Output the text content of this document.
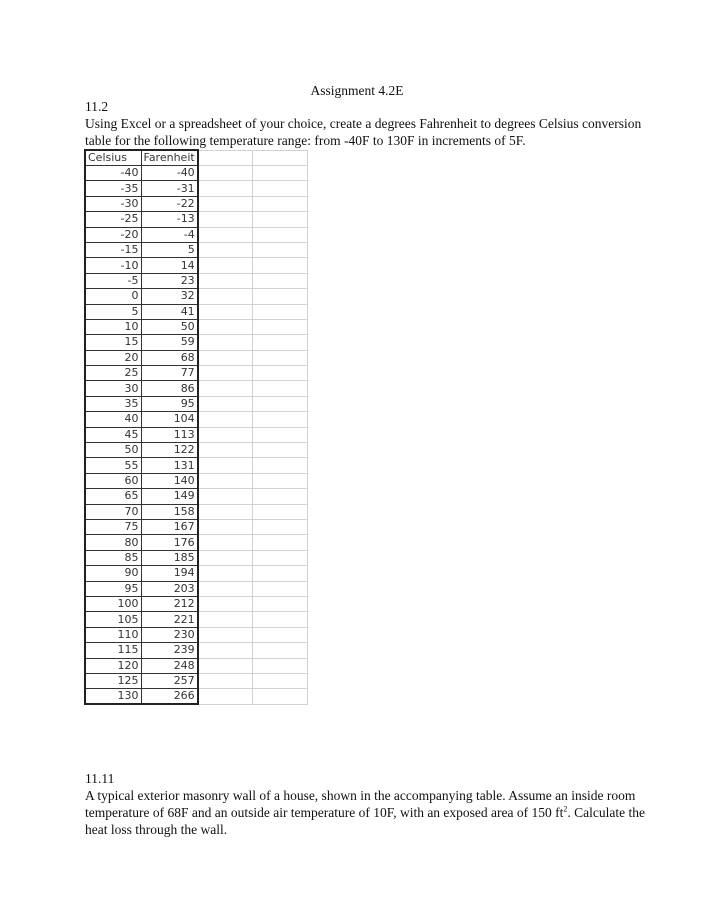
Assignment 4.2E
11.2
Using Excel or a spreadsheet of your choice, create a degrees Fahrenheit to degrees Celsius conversion table for the following temperature range: from -40F to 130F in increments of 5F.
Celsius	Farenheit		
-40	-40		
-35	-31		
-30	-22		
-25	-13		
-20	-4		
-15	5		
-10	14		
-5	23		
0	32		
5	41		
10	50		
15	59		
20	68		
25	77		
30	86		
35	95		
40	104		
45	113		
50	122		
55	131		
60	140		
65	149		
70	158		
75	167		
80	176		
85	185		
90	194		
95	203		
100	212		
105	221		
110	230		
115	239		
120	248		
125	257		
130	266		
11.11
A typical exterior masonry wall of a house, shown in the accompanying table. Assume an inside room temperature of 68F and an outside air temperature of 10F, with an exposed area of 150 $ft^2$. Calculate the heat loss through the wall.
